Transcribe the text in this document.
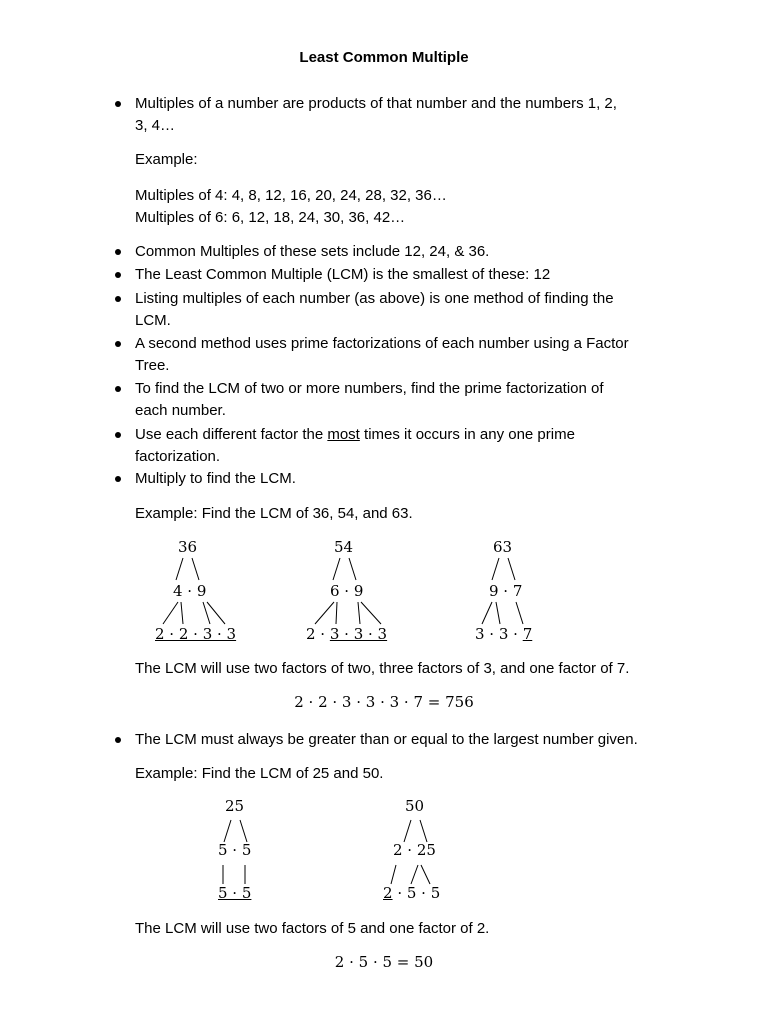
Least Common Multiple
Multiples of a number are products of that number and the numbers 1, 2,
3, 4…
Example:
Multiples of 4: 4, 8, 12, 16, 20, 24, 28, 32, 36…
Multiples of 6: 6, 12, 18, 24, 30, 36, 42…
Common Multiples of these sets include 12, 24, & 36.
The Least Common Multiple (LCM) is the smallest of these: 12
Listing multiples of each number (as above) is one method of finding the
LCM.
A second method uses prime factorizations of each number using a Factor
Tree.
To find the LCM of two or more numbers, find the prime factorization of
each number.
Use each different factor the most times it occurs in any one prime
factorization.
Multiply to find the LCM.
Example: Find the LCM of 36, 54, and 63.
36
4 · 9
2 · 2 · 3 · 3
54
6 · 9
2 · 3 · 3 · 3
63
9 · 7
3 · 3 · 7
The LCM will use two factors of two, three factors of 3, and one factor of 7.
2 · 2 · 3 · 3 · 3 · 7 = 756
The LCM must always be greater than or equal to the largest number given.
Example: Find the LCM of 25 and 50.
25
5 · 5
5 · 5
50
2 · 25
2 · 5 · 5
The LCM will use two factors of 5 and one factor of 2.
2 · 5 · 5 = 50
